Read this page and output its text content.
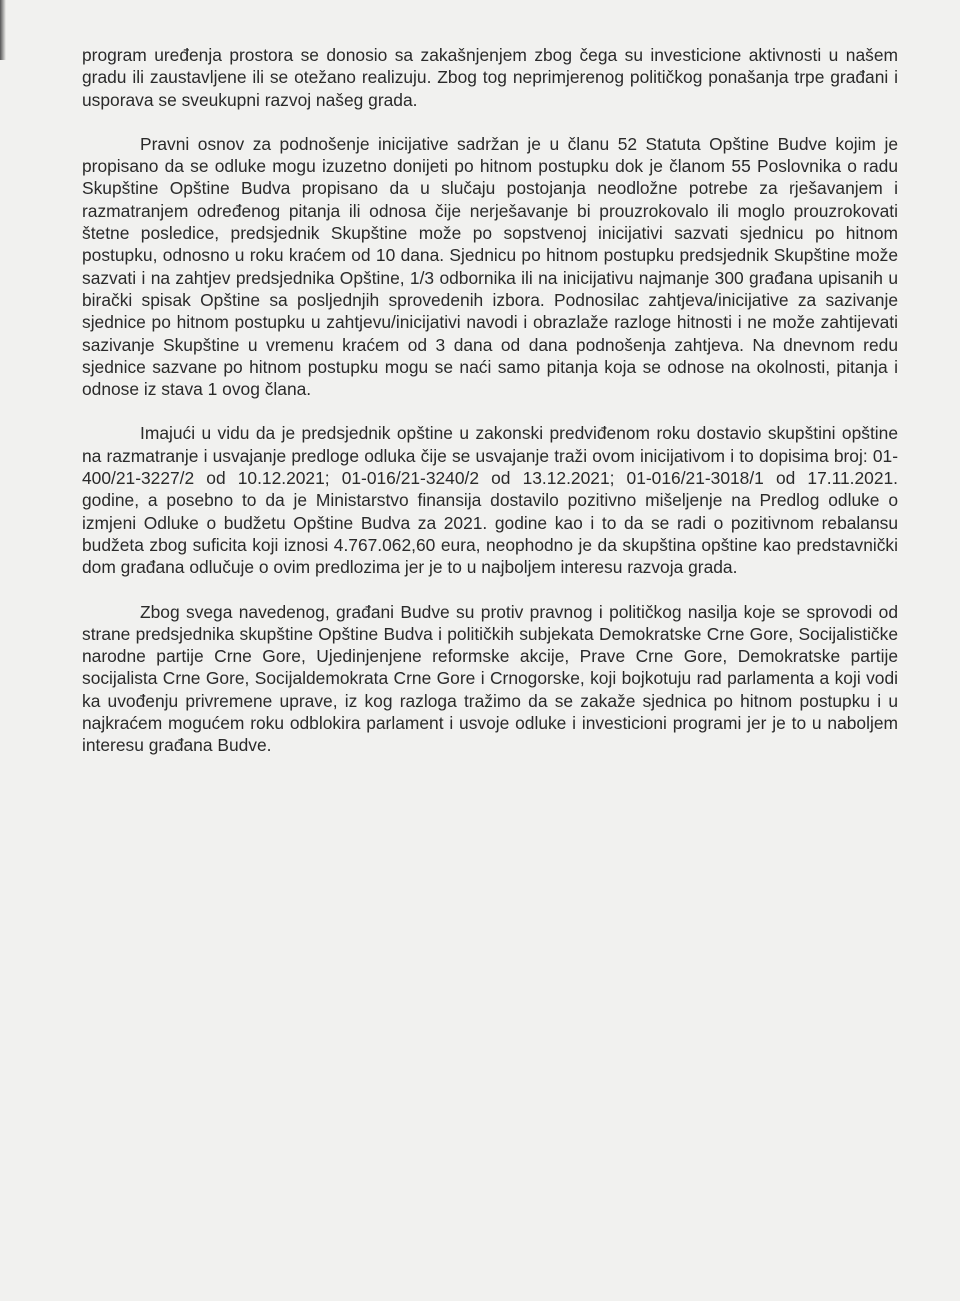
program uređenja prostora se donosio sa zakašnjenjem zbog čega su investicione aktivnosti u našem gradu ili zaustavljene ili se otežano realizuju. Zbog tog neprimjerenog političkog ponašanja trpe građani i usporava se sveukupni razvoj našeg grada.

Pravni osnov za podnošenje inicijative sadržan je u članu 52 Statuta Opštine Budve kojim je propisano da se odluke mogu izuzetno donijeti po hitnom postupku dok je članom 55 Poslovnika o radu Skupštine Opštine Budva propisano da u slučaju postojanja neodložne potrebe za rješavanjem i razmatranjem određenog pitanja ili odnosa čije nerješavanje bi prouzrokovalo ili moglo prouzrokovati štetne posledice, predsjednik Skupštine može po sopstvenoj inicijativi sazvati sjednicu po hitnom postupku, odnosno u roku kraćem od 10 dana. Sjednicu po hitnom postupku predsjednik Skupštine može sazvati i na zahtjev predsjednika Opštine, 1/3 odbornika ili na inicijativu najmanje 300 građana upisanih u birački spisak Opštine sa posljednjih sprovedenih izbora. Podnosilac zahtjeva/inicijative za sazivanje sjednice po hitnom postupku u zahtjevu/inicijativi navodi i obrazlaže razloge hitnosti i ne može zahtijevati sazivanje Skupštine u vremenu kraćem od 3 dana od dana podnošenja zahtjeva. Na dnevnom redu sjednice sazvane po hitnom postupku mogu se naći samo pitanja koja se odnose na okolnosti, pitanja i odnose iz stava 1 ovog člana.

Imajući u vidu da je predsjednik opštine u zakonski predviđenom roku dostavio skupštini opštine na razmatranje i usvajanje predloge odluka čije se usvajanje traži ovom inicijativom i to dopisima broj: 01-400/21-3227/2 od 10.12.2021; 01-016/21-3240/2 od 13.12.2021; 01-016/21-3018/1 od 17.11.2021. godine, a posebno to da je Ministarstvo finansija dostavilo pozitivno mišeljenje na Predlog odluke o izmjeni Odluke o budžetu Opštine Budva za 2021. godine kao i to da se radi o pozitivnom rebalansu budžeta zbog suficita koji iznosi 4.767.062,60 eura, neophodno je da skupština opštine kao predstavnički dom građana odlučuje o ovim predlozima jer je to u najboljem interesu razvoja grada.

Zbog svega navedenog, građani Budve su protiv pravnog i političkog nasilja koje se sprovodi od strane predsjednika skupštine Opštine Budva i političkih subjekata Demokratske Crne Gore, Socijalističke narodne partije Crne Gore, Ujedinjenjene reformske akcije, Prave Crne Gore, Demokratske partije socijalista Crne Gore, Socijaldemokrata Crne Gore i Crnogorske, koji bojkotuju rad parlamenta a koji vodi ka uvođenju privremene uprave, iz kog razloga tražimo da se zakaže sjednica po hitnom postupku i u najkraćem mogućem roku odblokira parlament i usvoje odluke i investicioni programi jer je to u naboljem interesu građana Budve.
